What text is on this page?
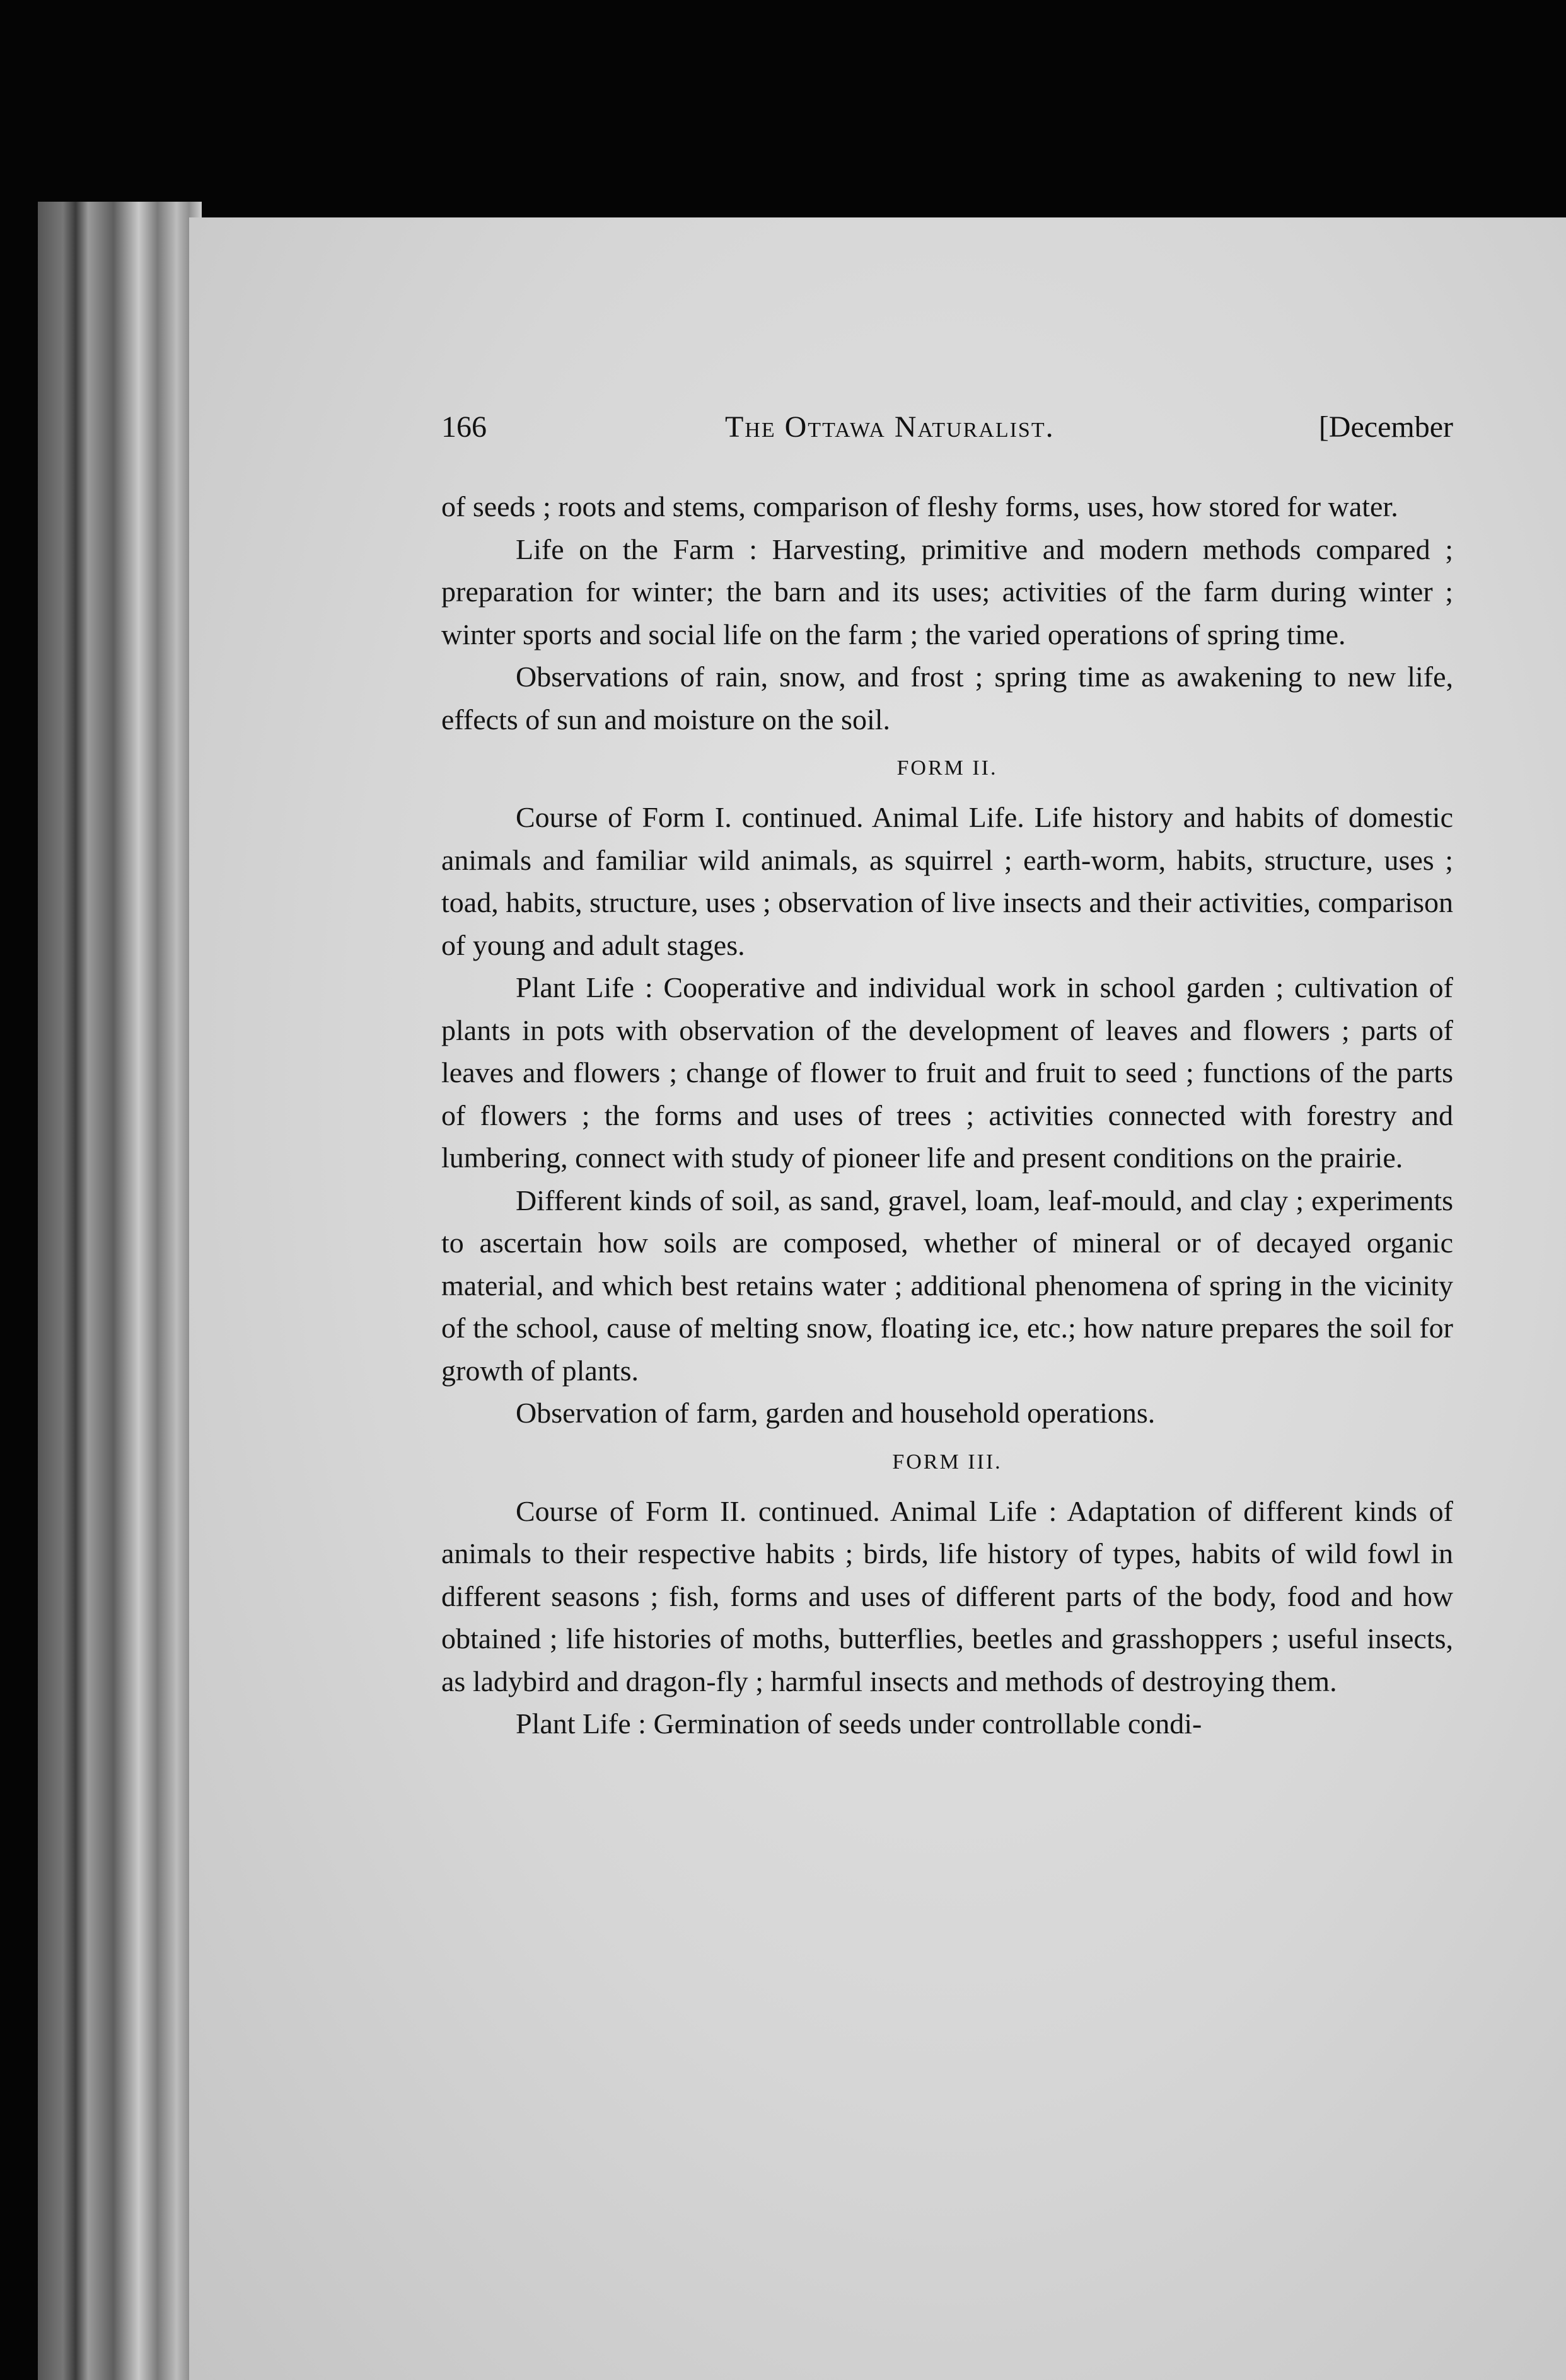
166	The Ottawa Naturalist.	[December

of seeds ; roots and stems, comparison of fleshy forms, uses, how stored for water.

Life on the Farm : Harvesting, primitive and modern methods compared ; preparation for winter; the barn and its uses; activities of the farm during winter ; winter sports and social life on the farm ; the varied operations of spring time.

Observations of rain, snow, and frost ; spring time as awakening to new life, effects of sun and moisture on the soil.

FORM II.

Course of Form I. continued. Animal Life. Life history and habits of domestic animals and familiar wild animals, as squirrel ; earth-worm, habits, structure, uses ; toad, habits, structure, uses ; observation of live insects and their activities, comparison of young and adult stages.

Plant Life : Cooperative and individual work in school garden ; cultivation of plants in pots with observation of the development of leaves and flowers ; parts of leaves and flowers ; change of flower to fruit and fruit to seed ; functions of the parts of flowers ; the forms and uses of trees ; activities connected with forestry and lumbering, connect with study of pioneer life and present conditions on the prairie.

Different kinds of soil, as sand, gravel, loam, leaf-mould, and clay ; experiments to ascertain how soils are composed, whether of mineral or of decayed organic material, and which best retains water ; additional phenomena of spring in the vicinity of the school, cause of melting snow, floating ice, etc.; how nature prepares the soil for growth of plants.

Observation of farm, garden and household operations.

FORM III.

Course of Form II. continued. Animal Life : Adaptation of different kinds of animals to their respective habits ; birds, life history of types, habits of wild fowl in different seasons ; fish, forms and uses of different parts of the body, food and how obtained ; life histories of moths, butterflies, beetles and grasshoppers ; useful insects, as ladybird and dragon-fly ; harmful insects and methods of destroying them.

Plant Life : Germination of seeds under controllable condi-
